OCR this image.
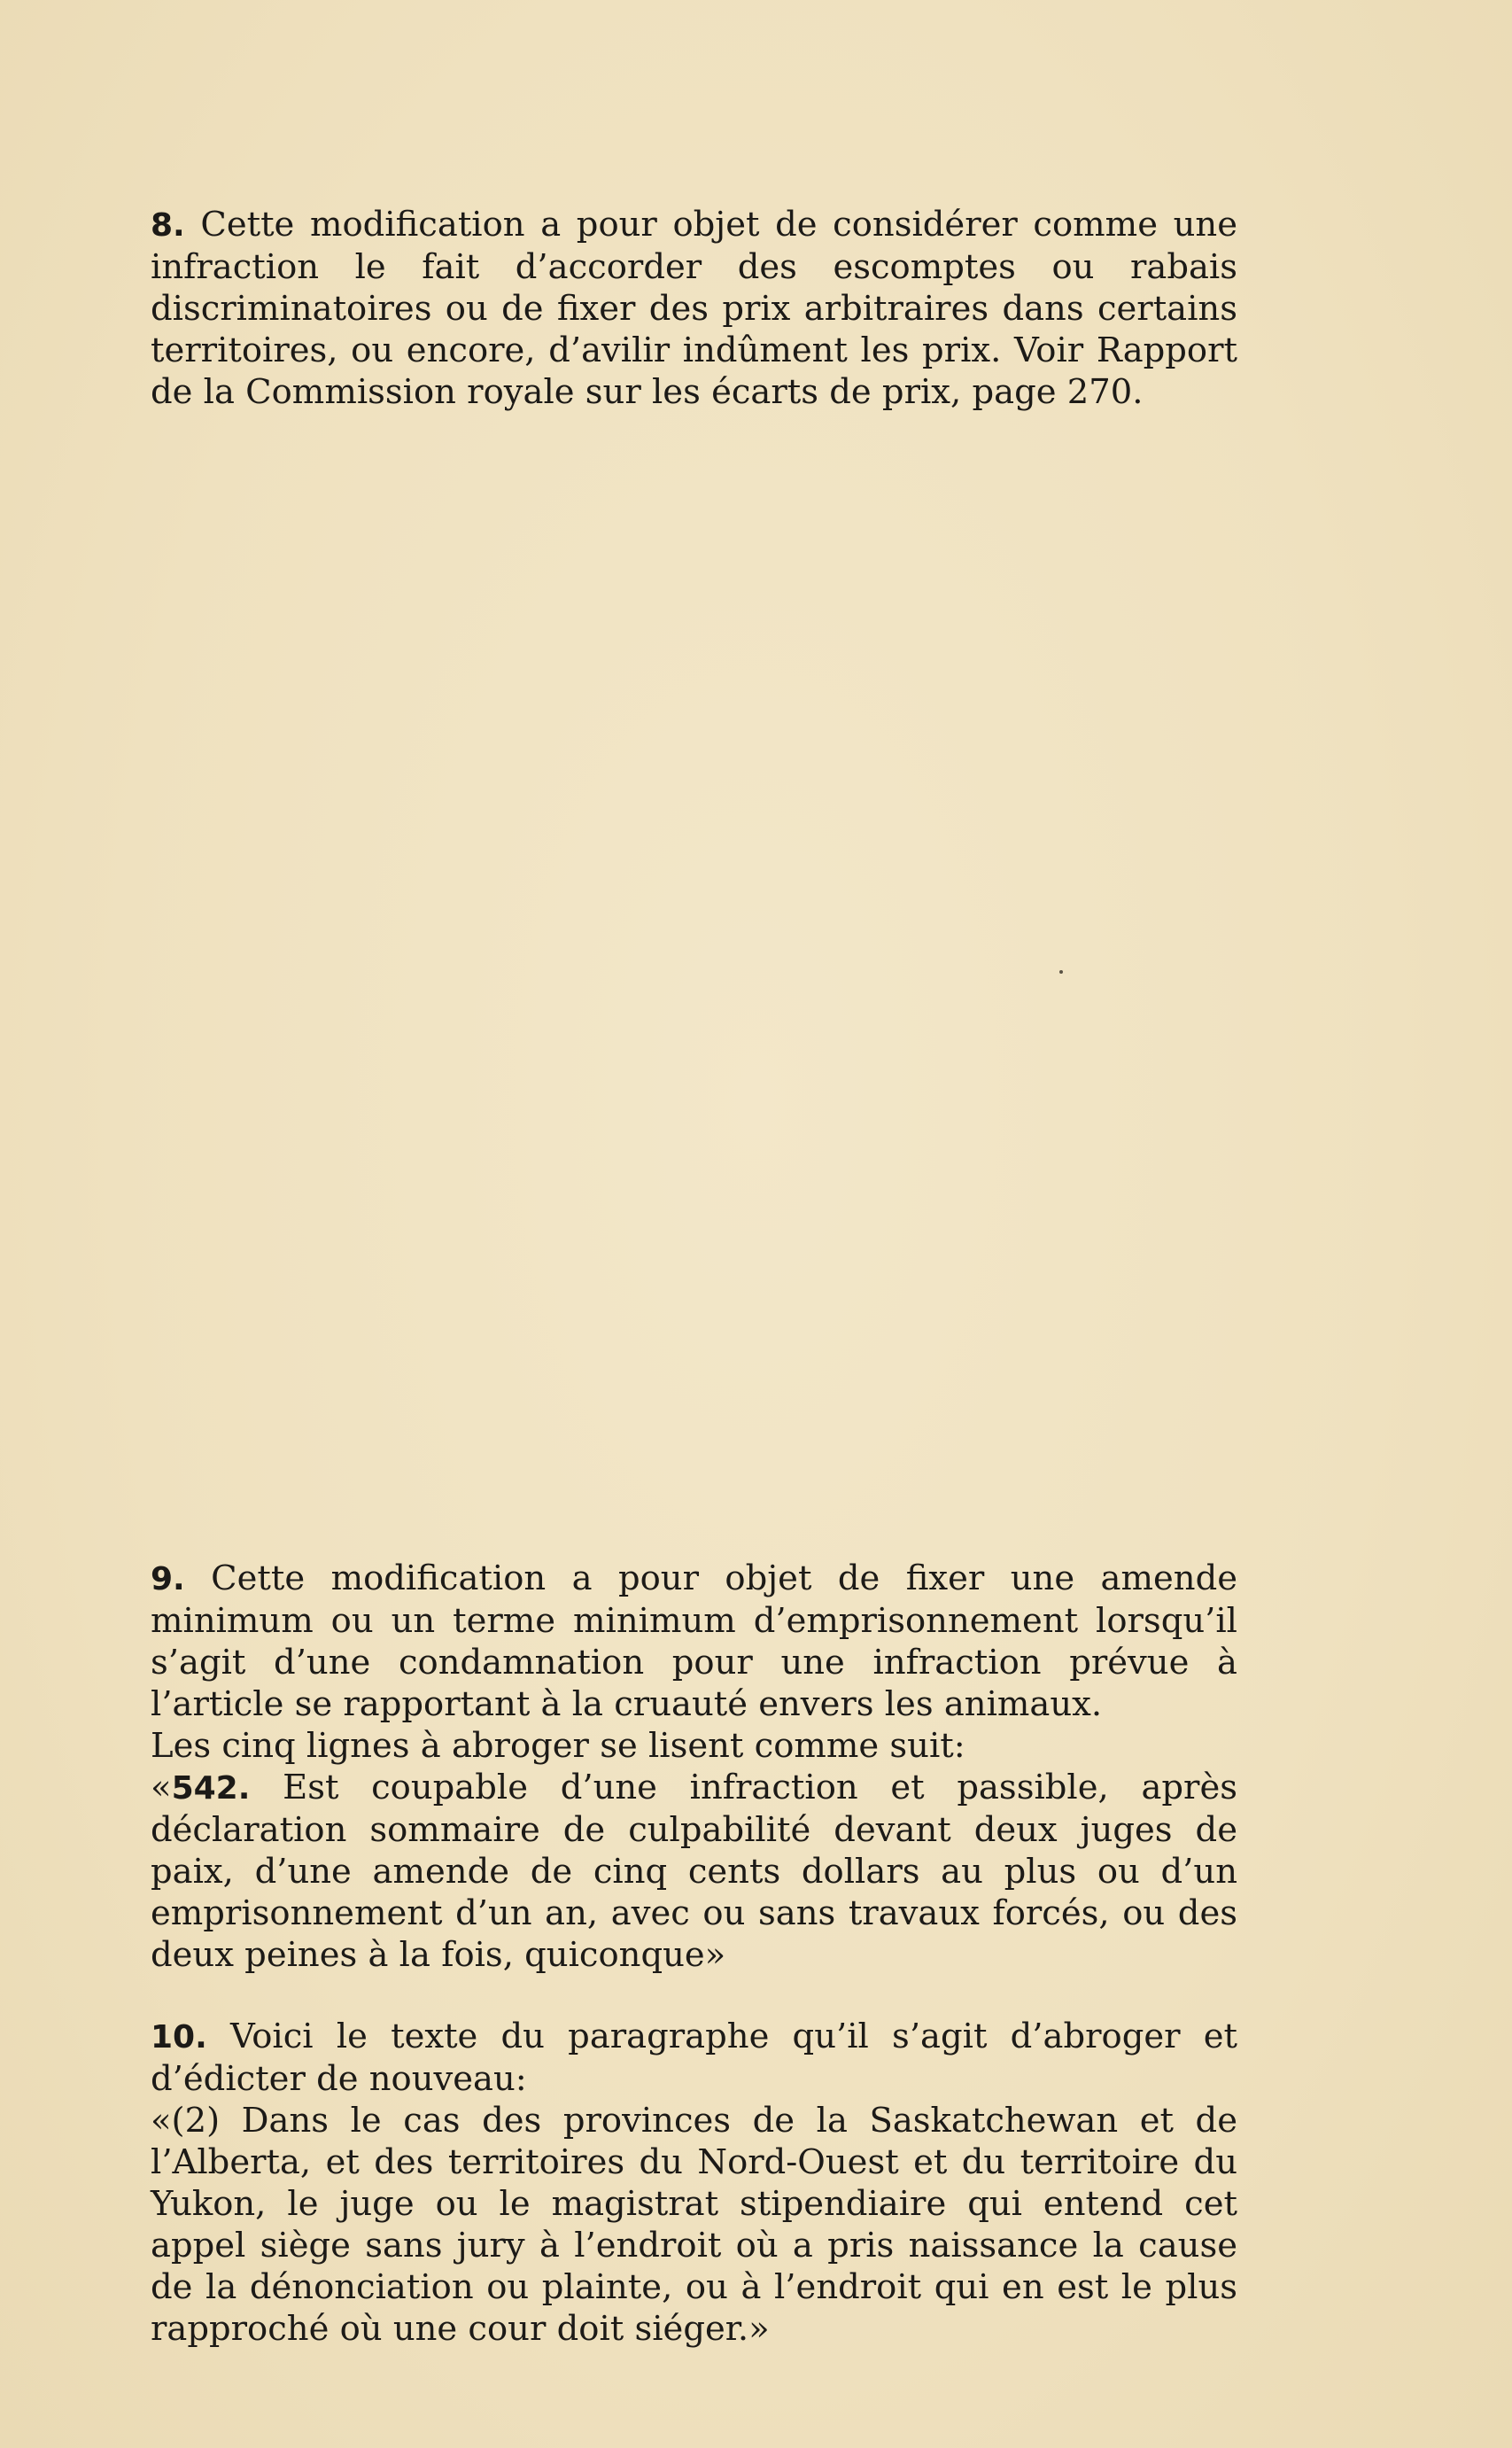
8. Cette modification a pour objet de considérer comme une infraction le fait d’accorder des escomptes ou rabais discriminatoires ou de fixer des prix arbitraires dans certains territoires, ou encore, d’avilir indûment les prix. Voir Rapport de la Commission royale sur les écarts de prix, page 270.

9. Cette modification a pour objet de fixer une amende minimum ou un terme minimum d’emprisonnement lorsqu’il s’agit d’une condamnation pour une infraction prévue à l’article se rapportant à la cruauté envers les animaux.

Les cinq lignes à abroger se lisent comme suit:

«542. Est coupable d’une infraction et passible, après déclaration sommaire de culpabilité devant deux juges de paix, d’une amende de cinq cents dollars au plus ou d’un emprisonnement d’un an, avec ou sans travaux forcés, ou des deux peines à la fois, quiconque»

10. Voici le texte du paragraphe qu’il s’agit d’abroger et d’édicter de nouveau:

«(2) Dans le cas des provinces de la Saskatchewan et de l’Alberta, et des territoires du Nord-Ouest et du territoire du Yukon, le juge ou le magistrat stipendiaire qui entend cet appel siège sans jury à l’endroit où a pris naissance la cause de la dénonciation ou plainte, ou à l’endroit qui en est le plus rapproché où une cour doit siéger.»
